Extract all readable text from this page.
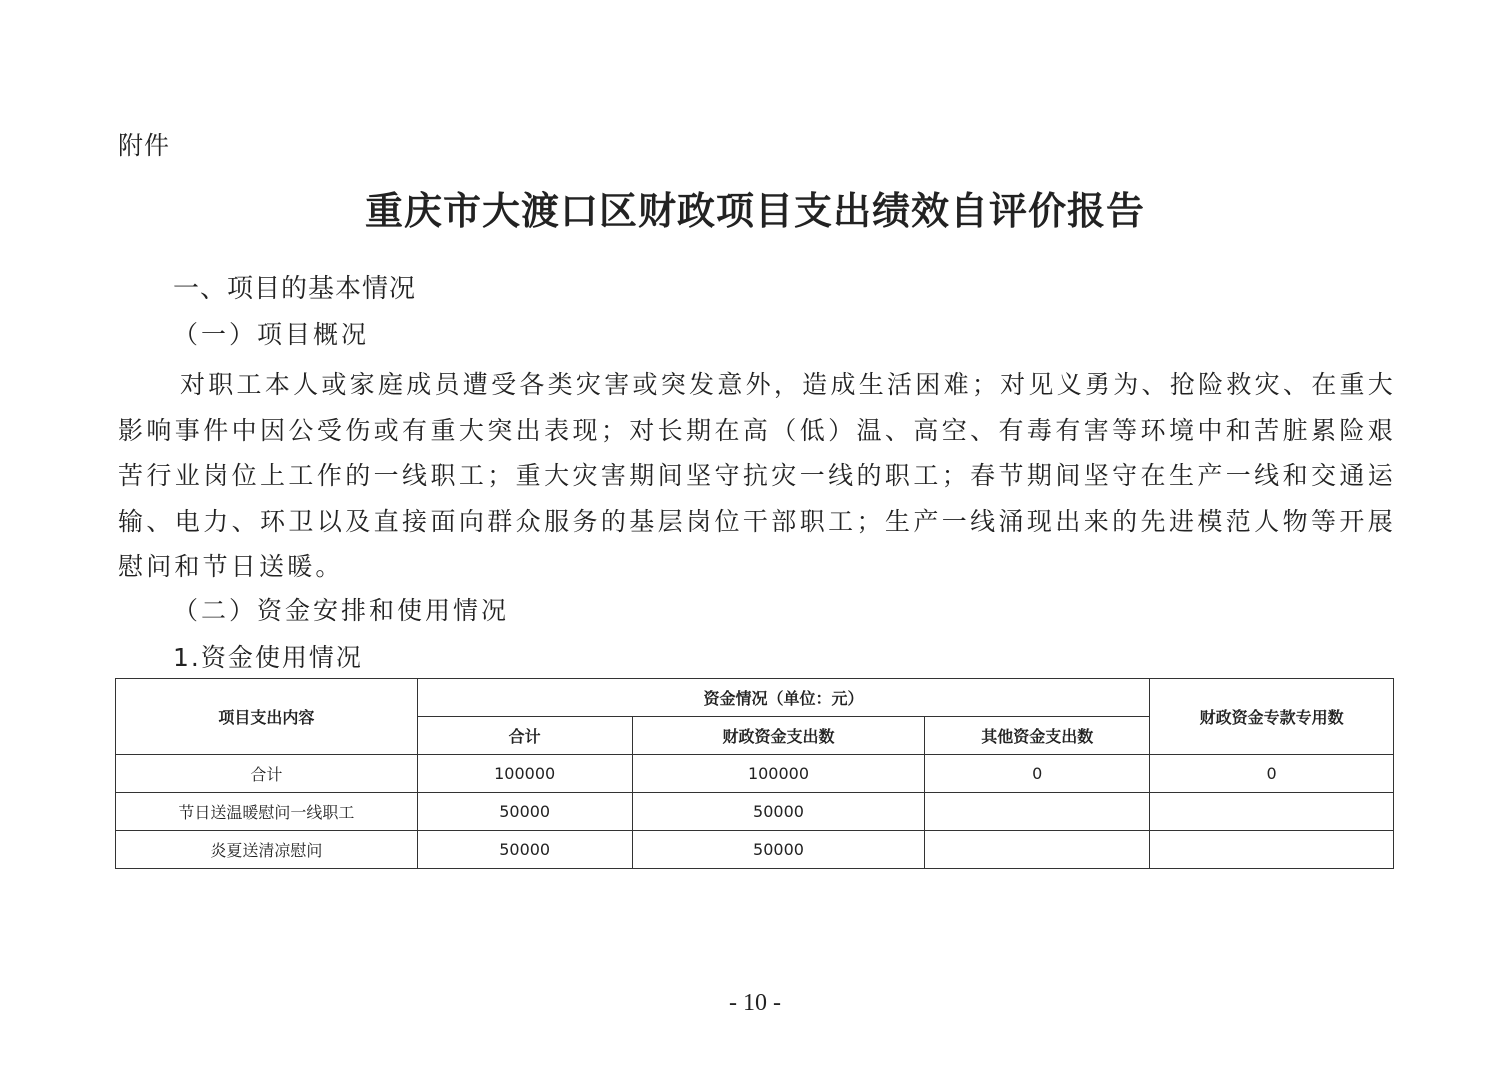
附件
重庆市大渡口区财政项目支出绩效自评价报告
一、项目的基本情况
（一）项目概况

对职工本人或家庭成员遭受各类灾害或突发意外，造成生活困难；对见义勇为、抢险救灾、在重大影响事件中因公受伤或有重大突出表现；对长期在高（低）温、高空、有毒有害等环境中和苦脏累险艰苦行业岗位上工作的一线职工；重大灾害期间坚守抗灾一线的职工；春节期间坚守在生产一线和交通运输、电力、环卫以及直接面向群众服务的基层岗位干部职工；生产一线涌现出来的先进模范人物等开展慰问和节日送暖。

（二）资金安排和使用情况
1.资金使用情况
项目支出内容	资金情况（单位：元）			财政资金专款专用数
	合计	财政资金支出数	其他资金支出数	
合计	100000	100000	0	0
节日送温暖慰问一线职工	50000	50000		
炎夏送清凉慰问	50000	50000		
- 10 -
